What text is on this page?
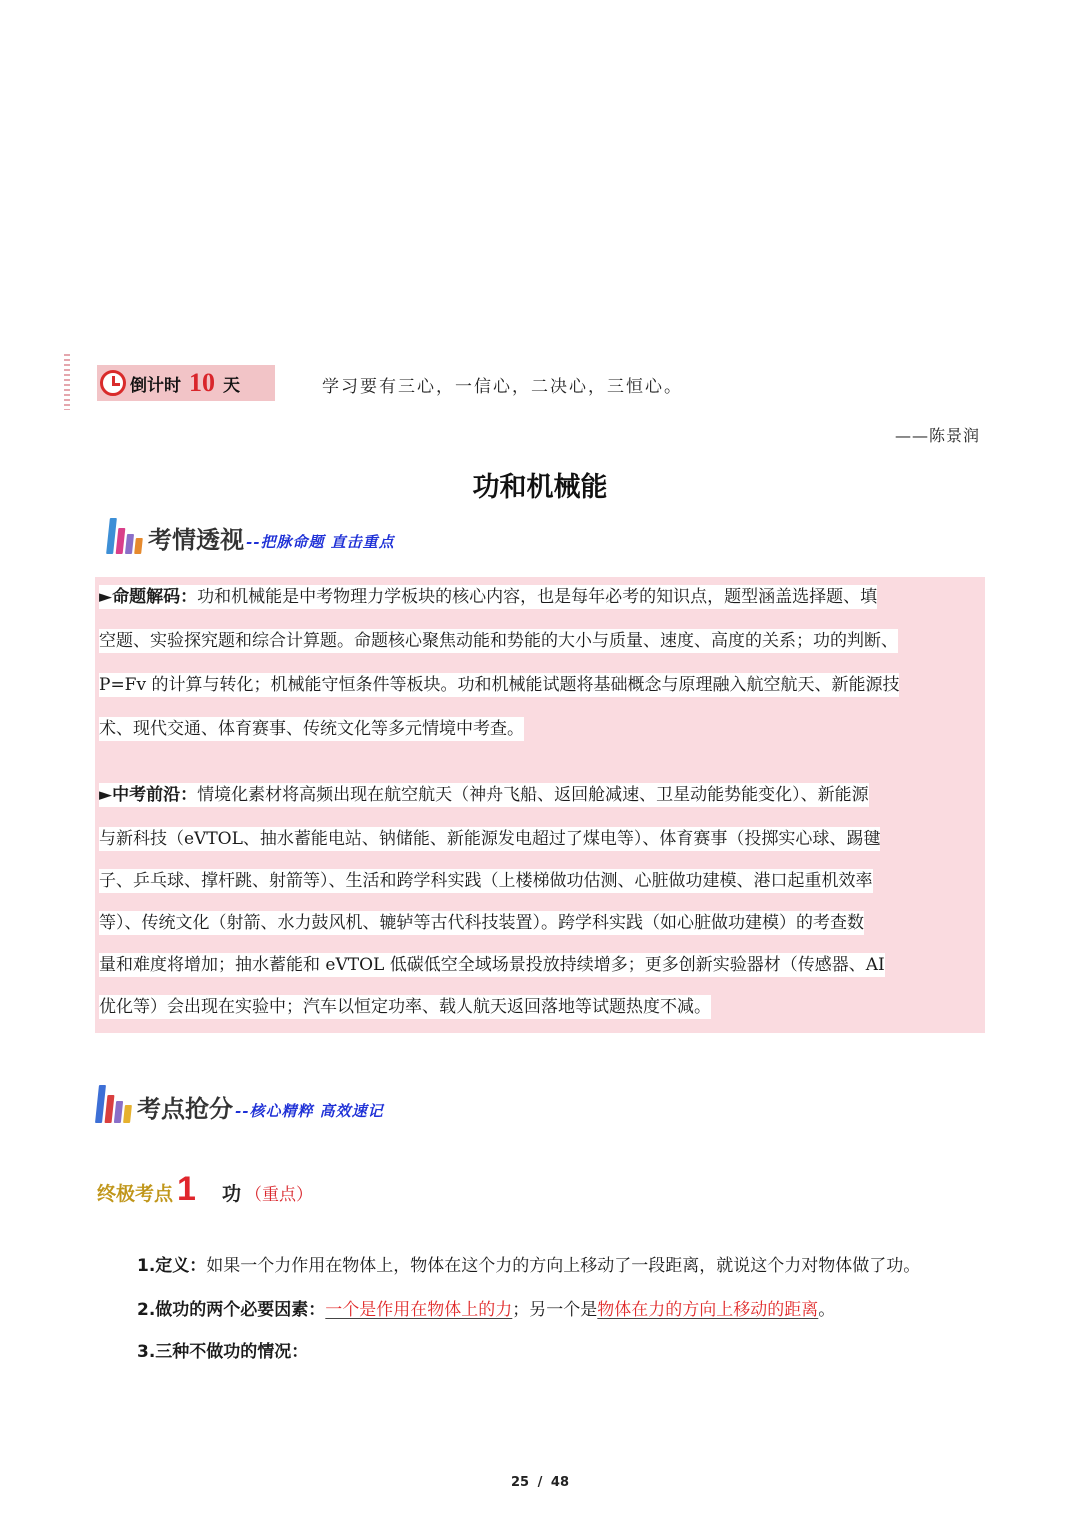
倒计时 10 天	学习要有三心，一信心，二决心，三恒心。
——陈景润
功和机械能
考情透视 --把脉命题 直击重点
►命题解码：功和机械能是中考物理力学板块的核心内容，也是每年必考的知识点，题型涵盖选择题、填
空题、实验探究题和综合计算题。命题核心聚焦动能和势能的大小与质量、速度、高度的关系；功的判断、
P=Fv 的计算与转化；机械能守恒条件等板块。功和机械能试题将基础概念与原理融入航空航天、新能源技
术、现代交通、体育赛事、传统文化等多元情境中考查。
►中考前沿：情境化素材将高频出现在航空航天（神舟飞船、返回舱减速、卫星动能势能变化）、新能源
与新科技（eVTOL、抽水蓄能电站、钠储能、新能源发电超过了煤电等）、体育赛事（投掷实心球、踢毽
子、乒乓球、撑杆跳、射箭等）、生活和跨学科实践（上楼梯做功估测、心脏做功建模、港口起重机效率
等）、传统文化（射箭、水力鼓风机、辘轳等古代科技装置）。跨学科实践（如心脏做功建模）的考查数
量和难度将增加；抽水蓄能和 eVTOL 低碳低空全域场景投放持续增多；更多创新实验器材（传感器、AI
优化等）会出现在实验中；汽车以恒定功率、载人航天返回落地等试题热度不减。
考点抢分 --核心精粹 高效速记
终极考点 1 功 （重点）
1.定义：如果一个力作用在物体上，物体在这个力的方向上移动了一段距离，就说这个力对物体做了功。
2.做功的两个必要因素：一个是作用在物体上的力；另一个是物体在力的方向上移动的距离。
3.三种不做功的情况：
25 / 48
